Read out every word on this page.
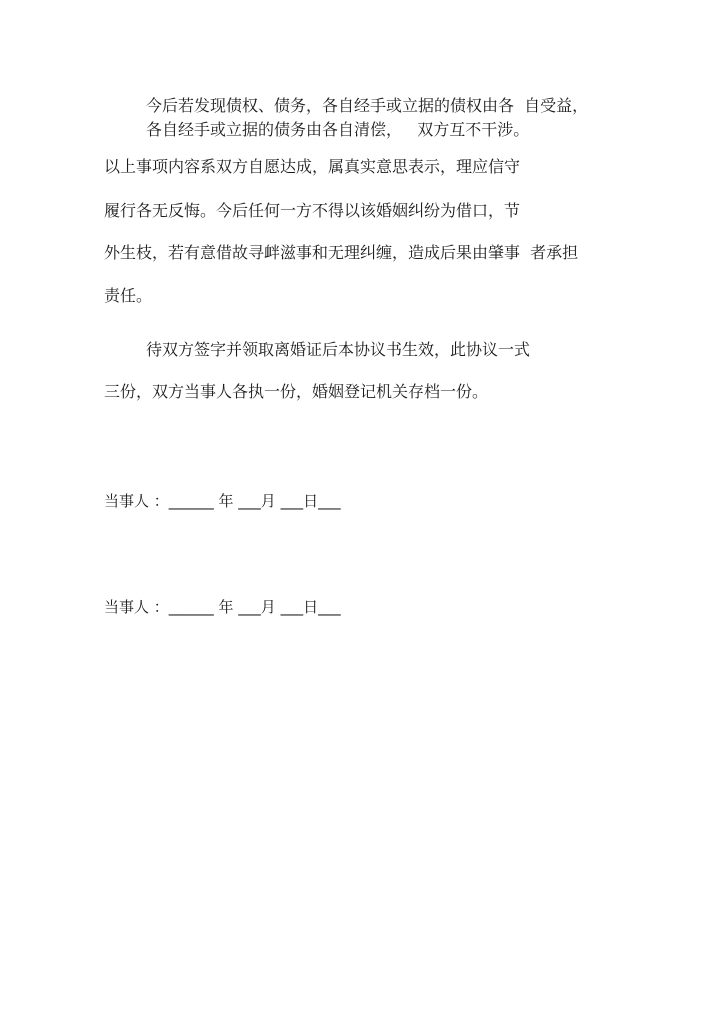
今后若发现债权、债务，各自经手或立据的债权由各  自受益，

各自经手或立据的债务由各自清偿，   双方互不干涉。

以上事项内容系双方自愿达成，属真实意思表示，理应信守

履行各无反悔。今后任何一方不得以该婚姻纠纷为借口，节

外生枝，若有意借故寻衅滋事和无理纠缠，造成后果由肇事  者承担

责任。

待双方签字并领取离婚证后本协议书生效，此协议一式

三份，双方当事人各执一份，婚姻登记机关存档一份。

当事人 ：______ 年 ___月 ___日___

当事人 ：______ 年 ___月 ___日___
